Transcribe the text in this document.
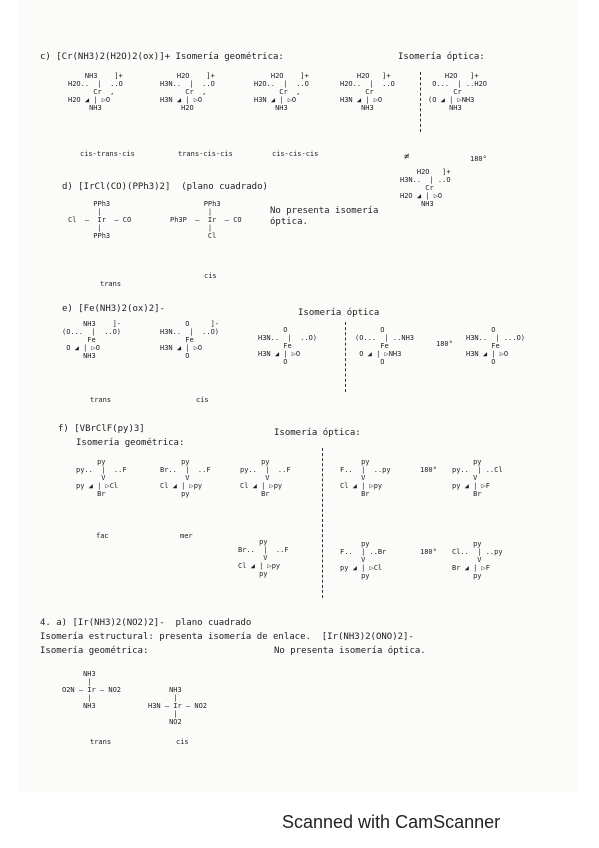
c) [Cr(NH3)2(H2O)2(ox)]+ Isomería geométrica:	Isomería óptica:
NH3    ]+
H2O..  |  ..O
Cr  ,
H2O ◢ | ▷O
NH3
H2O    ]+
H3N..  |  ..O
Cr  ,
H3N ◢ | ▷O
H2O
H2O    ]+
H2O..  |  ..O
Cr  ,
H3N ◢ | ▷O
NH3
H2O   ]+
H2O..  |  ..O
Cr
H3N ◢ | ▷O
NH3
H2O   ]+
O...  | ..H2O
Cr
(O ◢ | ▷NH3
NH3
cis-trans-cis	trans-cis-cis	cis-cis-cis	≠	180°
H2O   ]+
H3N..  | ..O
Cr
H2O ◢ | ▷O
NH3
d) [IrCl(CO)(PPh3)2]  (plano cuadrado)
PPh3
|
Cl  —  Ir  — CO
|
PPh3
PPh3
|
Ph3P  —  Ir  — CO
|
Cl
trans
cis
No presenta isomería
óptica.
e) [Fe(NH3)2(ox)2]-	Isomería óptica
NH3    ]-
(O...  |  ..O)
Fe
O ◢ | ▷O
NH3
O     ]-
H3N..  |  ..O)
Fe
H3N ◢ | ▷O
O
O
H3N..  |  ..O)
Fe
H3N ◢ | ▷O
O
O
(O...  | ..NH3
Fe
O ◢ | ▷NH3
O
180°
O
H3N..  | ...O)
Fe
H3N ◢ | ▷O
O
trans	cis
f) [VBrClF(py)3]
Isomería geométrica:
Isomería óptica:
py
py..  |  ..F
V
py ◢ | ▷Cl
Br
py
Br..  |  ..F
V
Cl ◢ | ▷py
py
fac	mer
py
py..  |  ..F
V
Cl ◢ | ▷py
Br
py
F..  |  ..py
V
Cl ◢ | ▷py
Br
180°
py
py..  | ..Cl
V
py ◢ | ▷F
Br
py
Br..  |  ..F
V
Cl ◢ | ▷py
py
py
F..  | ..Br
V
py ◢ | ▷Cl
py
180°
py
Cl..  | ..py
V
Br ◢ | ▷F
py
4. a) [Ir(NH3)2(NO2)2]-  plano cuadrado
Isomería estructural: presenta isomería de enlace.  [Ir(NH3)2(ONO)2]-
Isomería geométrica:	No presenta isomería óptica.
NH3
|
O2N — Ir — NO2
|
NH3
NH3
|
H3N — Ir — NO2
|
NO2
trans	cis
Scanned with CamScanner
